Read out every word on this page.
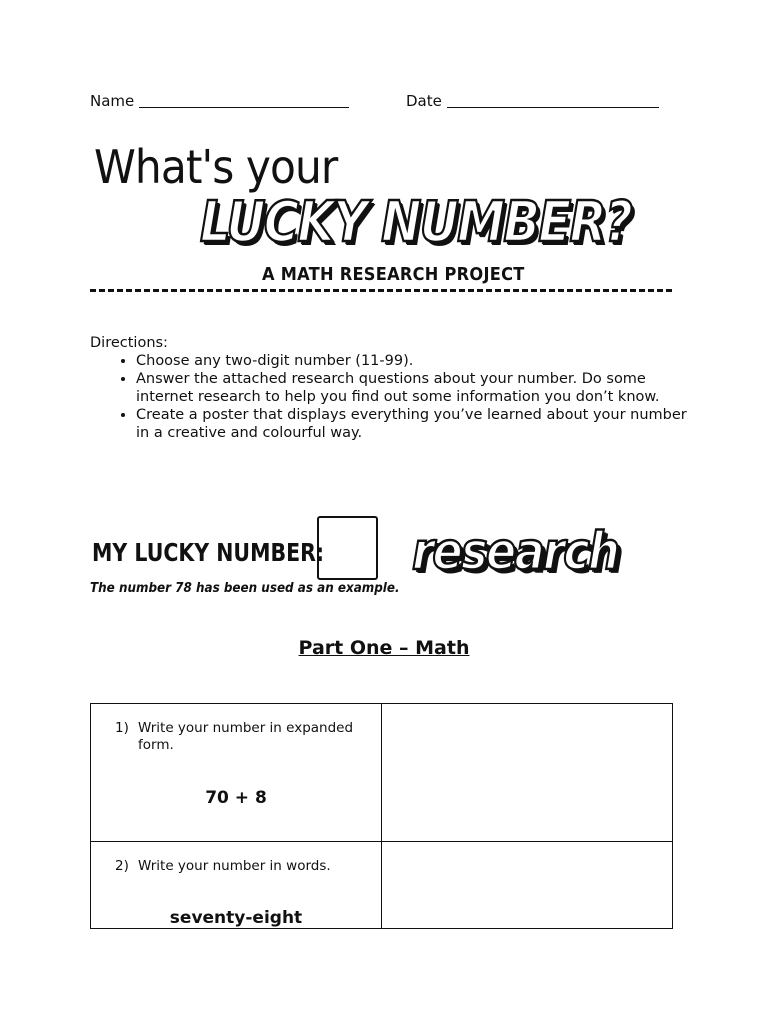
Name	Date
What's your
LUCKY NUMBER?
A MATH RESEARCH PROJECT
Directions:
• Choose any two-digit number (11-99).
• Answer the attached research questions about your number. Do some internet research to help you find out some information you don’t know.
• Create a poster that displays everything you’ve learned about your number in a creative and colourful way.
MY LUCKY NUMBER:
The number 78 has been used as an example.
research
Part One – Math
1) Write your number in expanded form.
70 + 8	

2) Write your number in words.
seventy-eight	
